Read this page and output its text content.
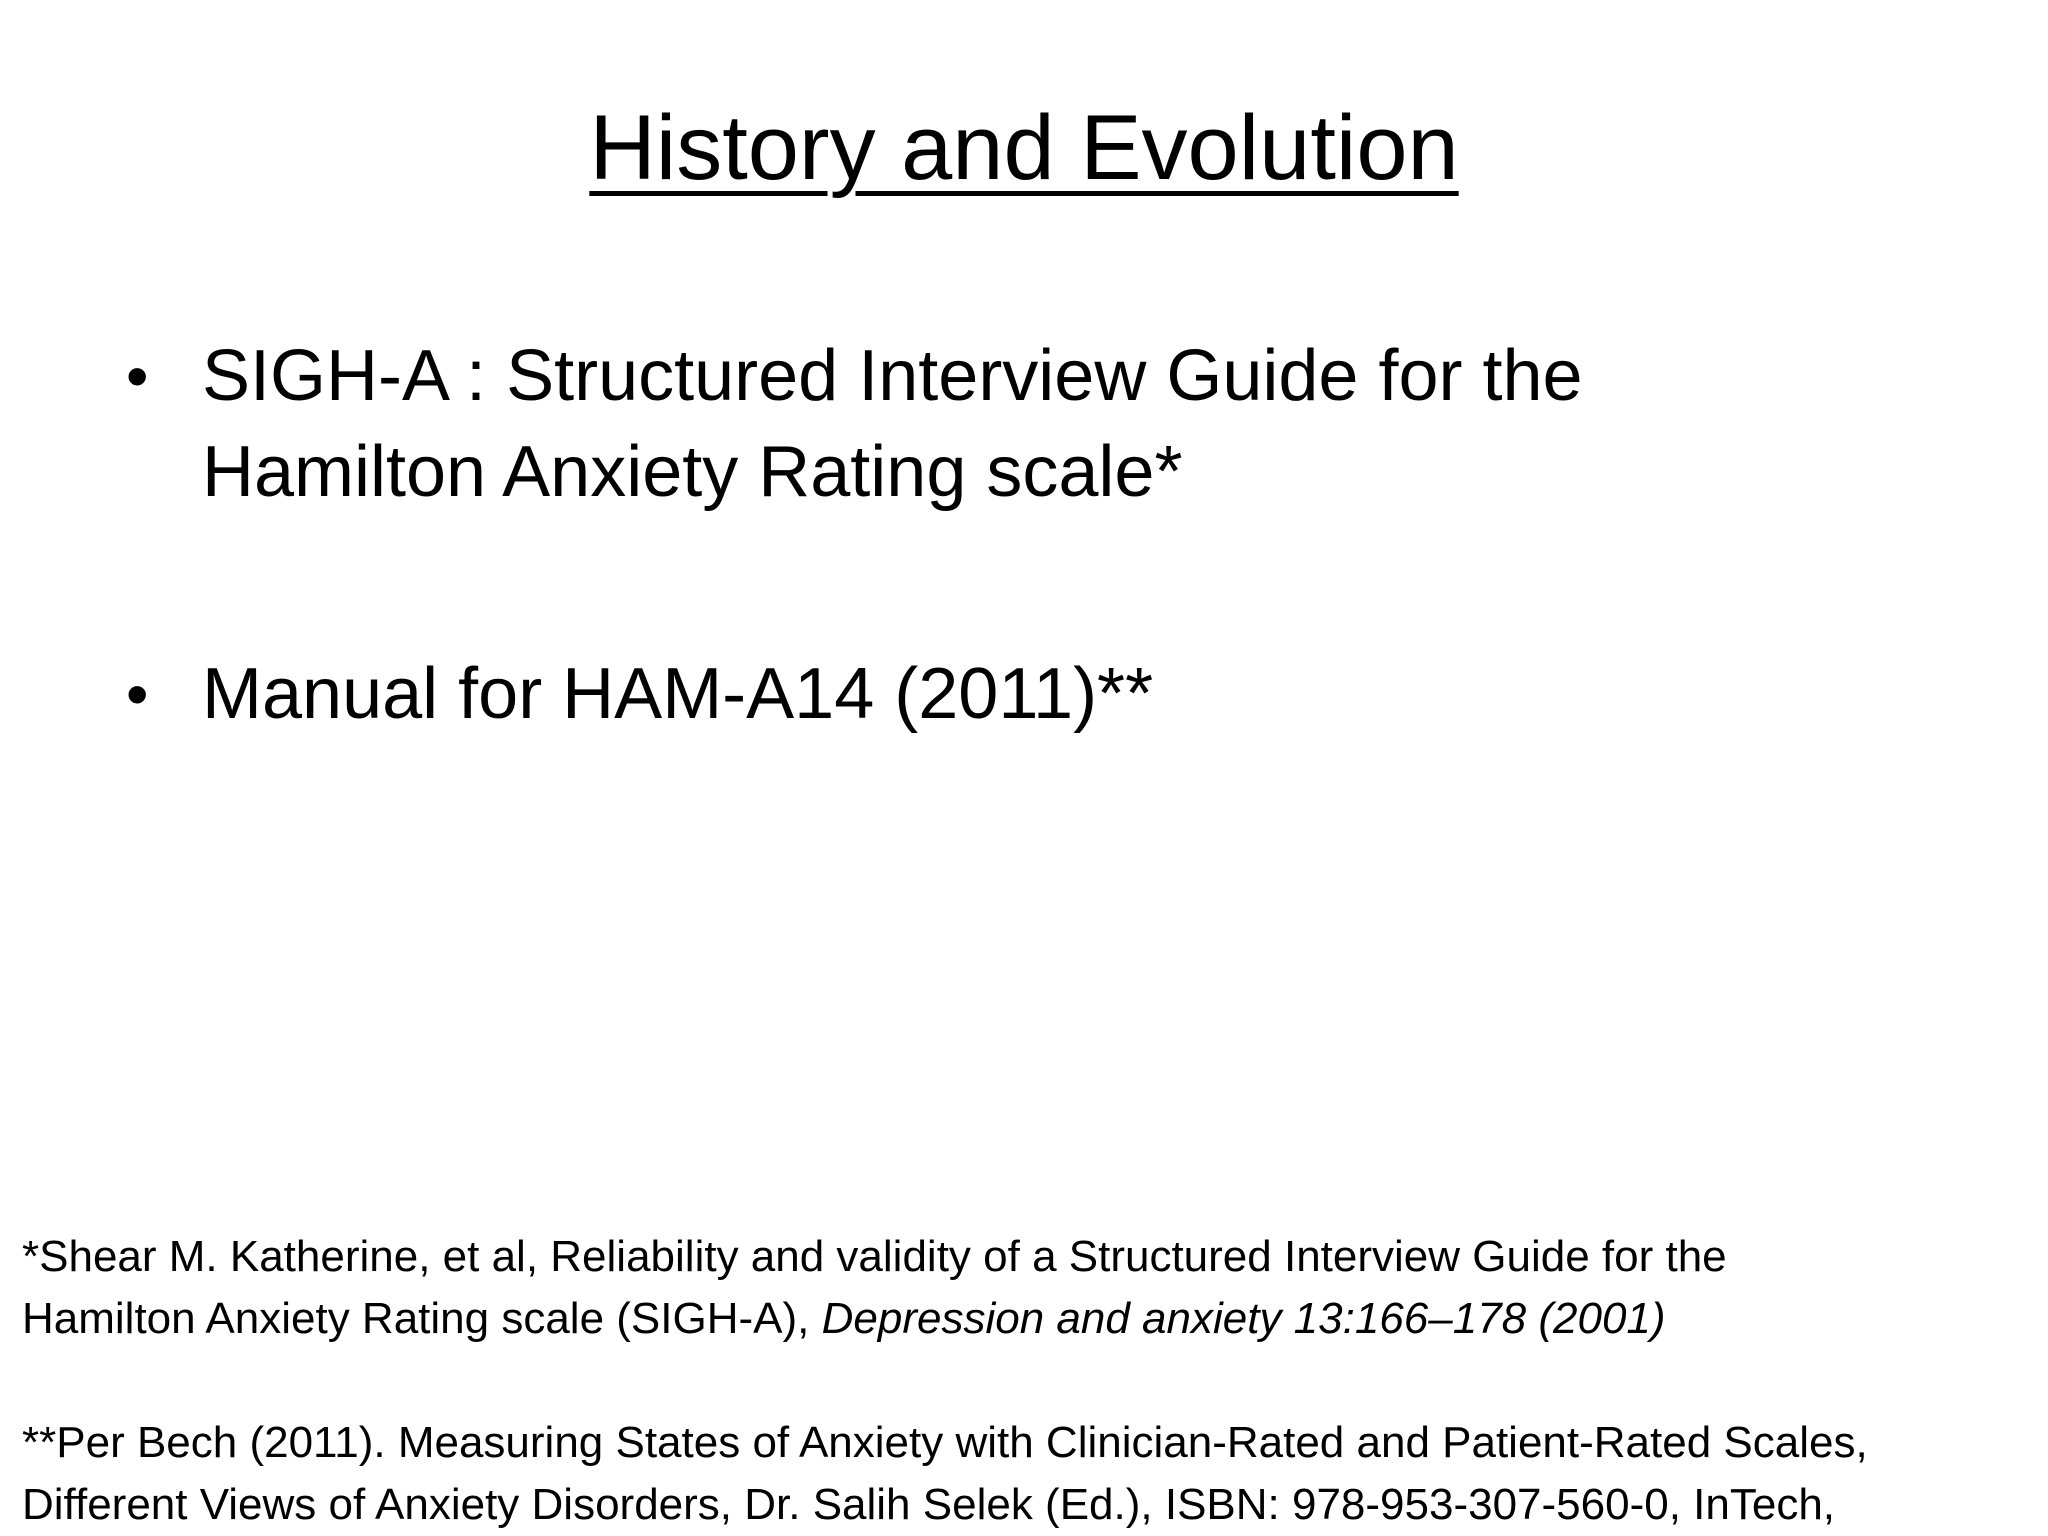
History and Evolution
• SIGH-A : Structured Interview Guide for the
Hamilton Anxiety Rating scale*
• Manual for HAM-A14 (2011)**

*Shear M. Katherine, et al, Reliability and validity of a Structured Interview Guide for the
Hamilton Anxiety Rating scale (SIGH-A), Depression and anxiety 13:166–178 (2001)

**Per Bech (2011). Measuring States of Anxiety with Clinician-Rated and Patient-Rated Scales,
Different Views of Anxiety Disorders, Dr. Salih Selek (Ed.), ISBN: 978-953-307-560-0, InTech,
